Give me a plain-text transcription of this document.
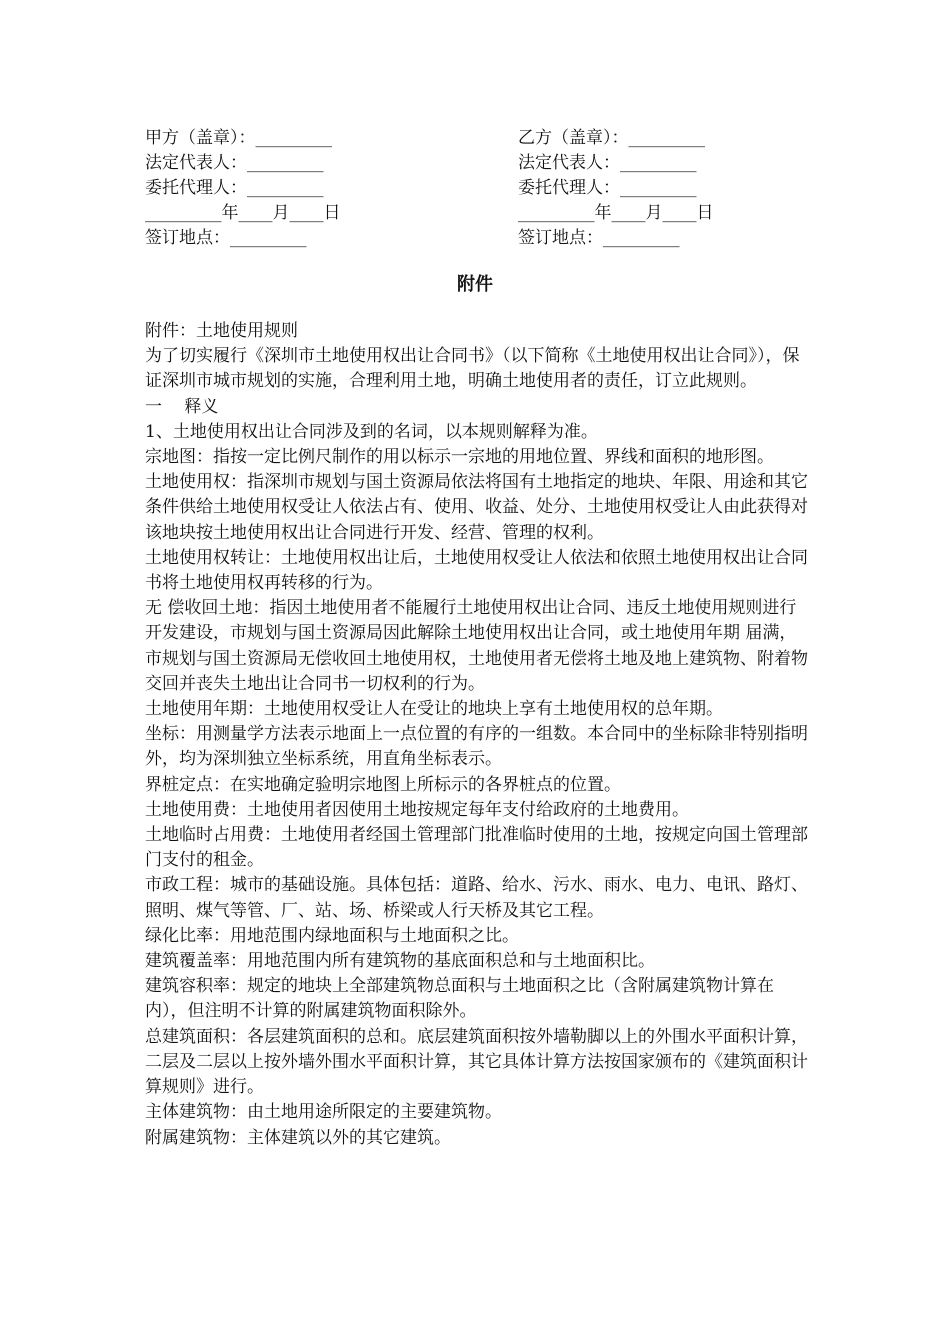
甲方（盖章）：_________
法定代表人：_________
委托代理人：_________
_________年____月____日
签订地点：_________
乙方（盖章）：_________
法定代表人：_________
委托代理人：_________
_________年____月____日
签订地点：_________
附件

附件：土地使用规则

为了切实履行《深圳市土地使用权出让合同书》（以下简称《土地使用权出让合同》），保证深圳市城市规划的实施，合理利用土地，明确土地使用者的责任，订立此规则。

一　 释义

1、土地使用权出让合同涉及到的名词，以本规则解释为准。

宗地图：指按一定比例尺制作的用以标示一宗地的用地位置、界线和面积的地形图。

土地使用权：指深圳市规划与国土资源局依法将国有土地指定的地块、年限、用途和其它条件供给土地使用权受让人依法占有、使用、收益、处分、土地使用权受让人由此获得对该地块按土地使用权出让合同进行开发、经营、管理的权利。

土地使用权转让：土地使用权出让后，土地使用权受让人依法和依照土地使用权出让合同书将土地使用权再转移的行为。

无 偿收回土地：指因土地使用者不能履行土地使用权出让合同、违反土地使用规则进行开发建设，市规划与国土资源局因此解除土地使用权出让合同，或土地使用年期 届满，市规划与国土资源局无偿收回土地使用权，土地使用者无偿将土地及地上建筑物、附着物交回并丧失土地出让合同书一切权利的行为。

土地使用年期：土地使用权受让人在受让的地块上享有土地使用权的总年期。

坐标：用测量学方法表示地面上一点位置的有序的一组数。本合同中的坐标除非特别指明外，均为深圳独立坐标系统，用直角坐标表示。

界桩定点：在实地确定验明宗地图上所标示的各界桩点的位置。

土地使用费：土地使用者因使用土地按规定每年支付给政府的土地费用。

土地临时占用费：土地使用者经国土管理部门批准临时使用的土地，按规定向国土管理部门支付的租金。

市政工程：城市的基础设施。具体包括：道路、给水、污水、雨水、电力、电讯、路灯、照明、煤气等管、厂、站、场、桥梁或人行天桥及其它工程。

绿化比率：用地范围内绿地面积与土地面积之比。

建筑覆盖率：用地范围内所有建筑物的基底面积总和与土地面积比。

建筑容积率：规定的地块上全部建筑物总面积与土地面积之比（含附属建筑物计算在内），但注明不计算的附属建筑物面积除外。

总建筑面积：各层建筑面积的总和。底层建筑面积按外墙勒脚以上的外围水平面积计算，二层及二层以上按外墙外围水平面积计算，其它具体计算方法按国家颁布的《建筑面积计算规则》进行。

主体建筑物：由土地用途所限定的主要建筑物。

附属建筑物：主体建筑以外的其它建筑。
